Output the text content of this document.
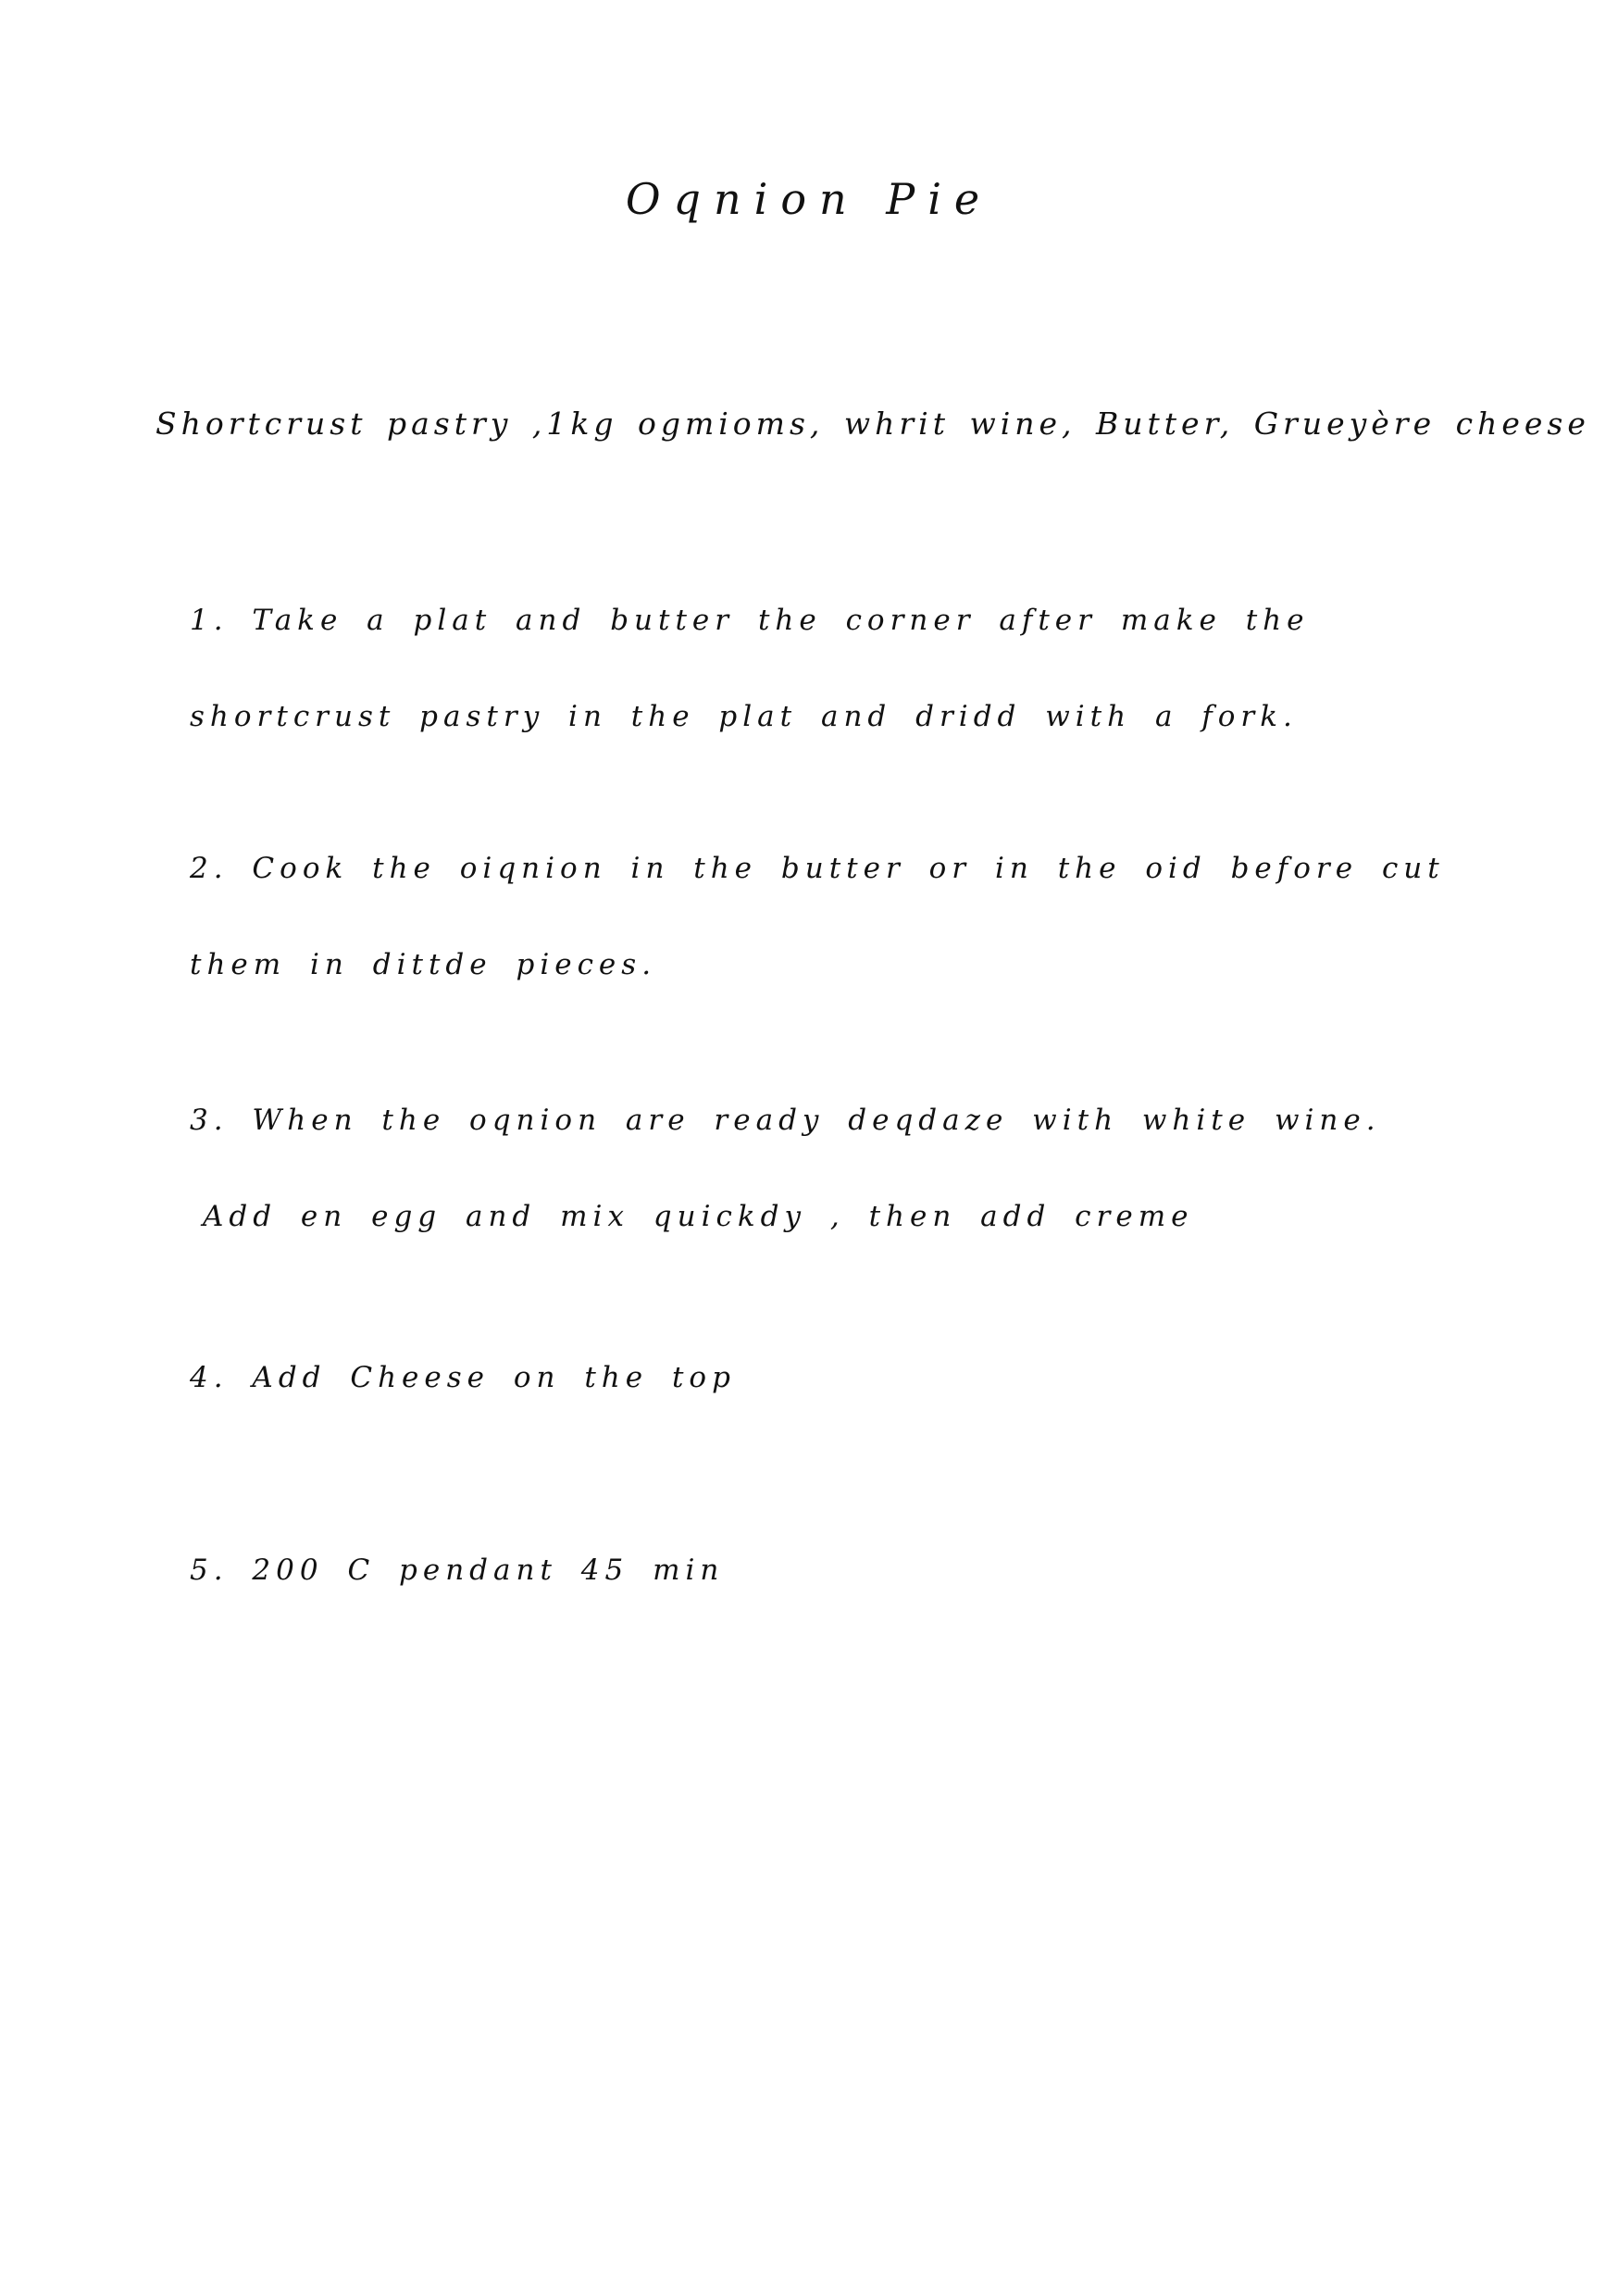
Oqnion Pie
Shortcrust pastry ,1kg ogmioms, whrit wine, Butter, Grueyère cheese
1. Take a plat and butter the corner after make the
shortcrust pastry in the plat and dridd with a fork.
2. Cook the oiqnion in the butter or in the oid before cut
them in dittde pieces.
3. When the oqnion are ready deqdaze with white wine.
Add en egg and mix quickdy , then add creme
4. Add Cheese on the top
5. 200 C pendant 45 min
